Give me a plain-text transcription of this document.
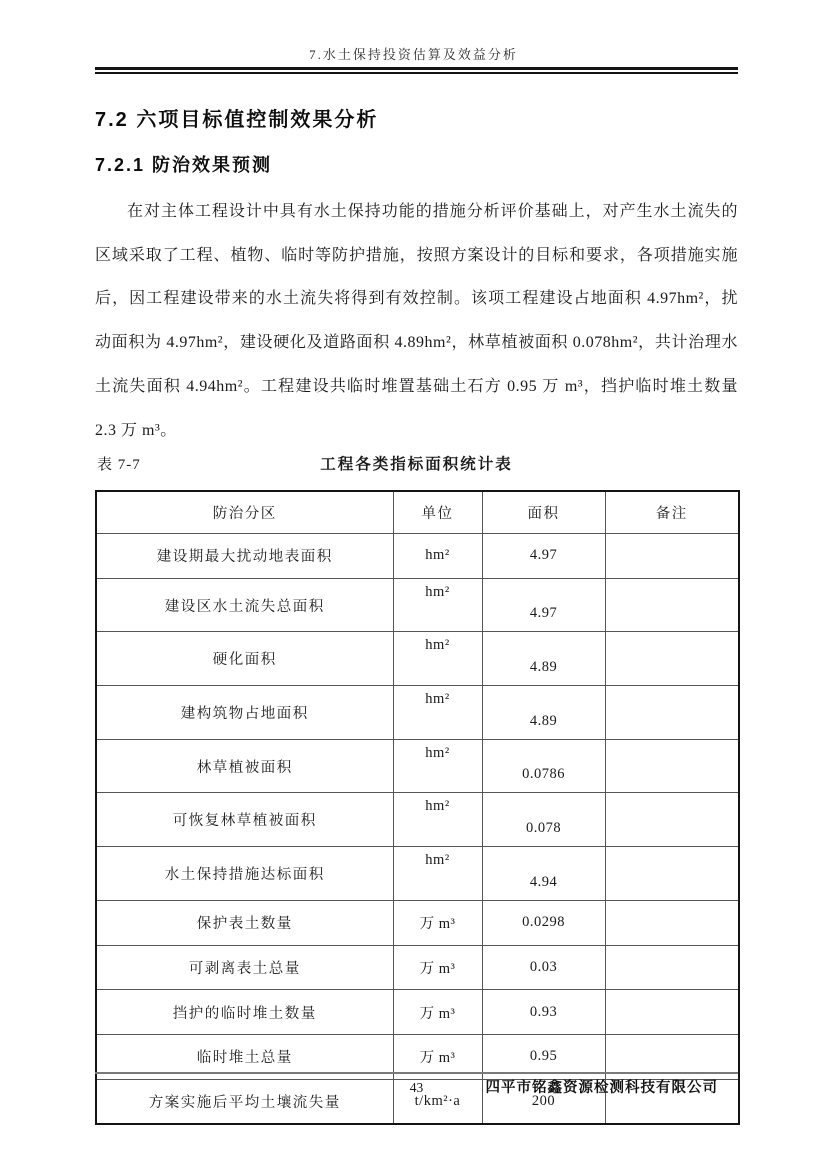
7.水土保持投资估算及效益分析
7.2 六项目标值控制效果分析
7.2.1 防治效果预测
在对主体工程设计中具有水土保持功能的措施分析评价基础上，对产生水土流失的
区域采取了工程、植物、临时等防护措施，按照方案设计的目标和要求，各项措施实施
后，因工程建设带来的水土流失将得到有效控制。该项工程建设占地面积 4.97hm²，扰
动面积为 4.97hm²，建设硬化及道路面积 4.89hm²，林草植被面积 0.078hm²，共计治理水
土流失面积 4.94hm²。工程建设共临时堆置基础土石方 0.95 万 m³，挡护临时堆土数量
2.3 万 m³。
表 7-7	工程各类指标面积统计表
防治分区	单位	面积	备注
建设期最大扰动地表面积	hm²	4.97	
建设区水土流失总面积	hm²	4.97	
硬化面积	hm²	4.89	
建构筑物占地面积	hm²	4.89	
林草植被面积	hm²	0.0786	
可恢复林草植被面积	hm²	0.078	
水土保持措施达标面积	hm²	4.94	
保护表土数量	万 m³	0.0298	
可剥离表土总量	万 m³	0.03	
挡护的临时堆土数量	万 m³	0.93	
临时堆土总量	万 m³	0.95	
方案实施后平均土壤流失量	t/km²·a	200	
43	四平市铭鑫资源检测科技有限公司
